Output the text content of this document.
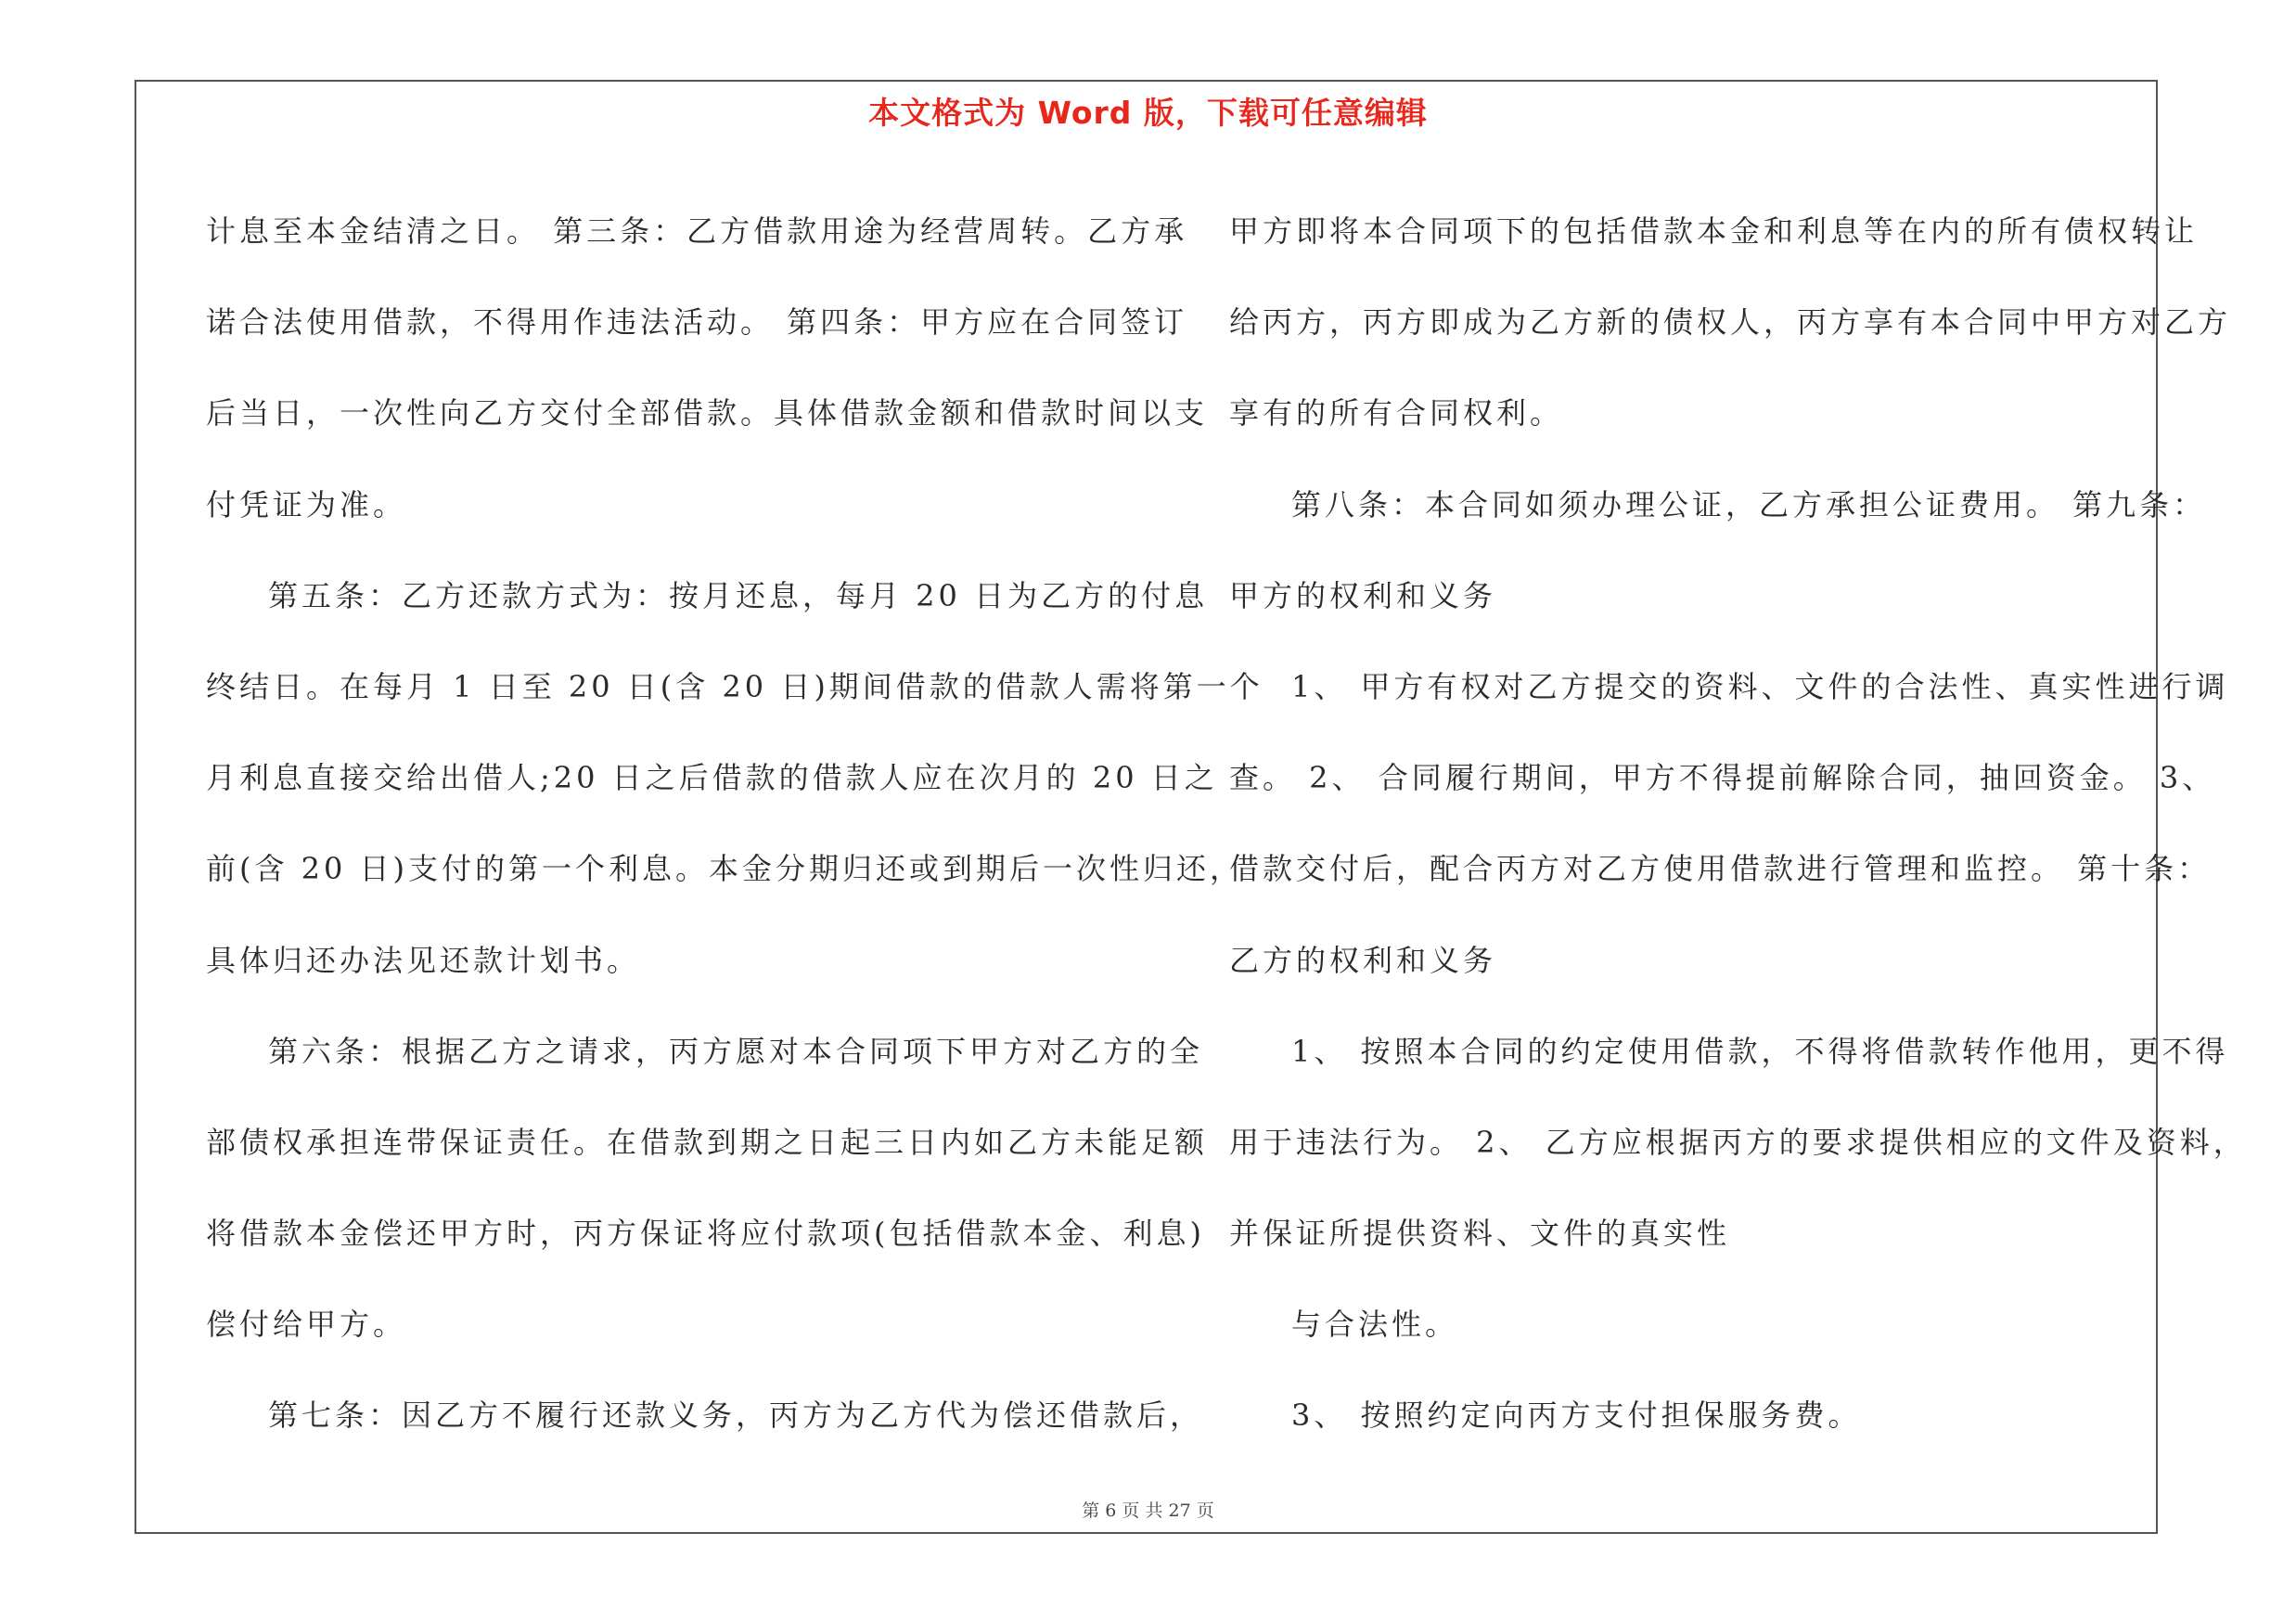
本文格式为 Word 版，下载可任意编辑
计息至本金结清之日。 第三条：乙方借款用途为经营周转。乙方承
诺合法使用借款，不得用作违法活动。 第四条：甲方应在合同签订
后当日，一次性向乙方交付全部借款。具体借款金额和借款时间以支
付凭证为准。
第五条：乙方还款方式为：按月还息，每月 20 日为乙方的付息
终结日。在每月 1 日至 20 日(含 20 日)期间借款的借款人需将第一个
月利息直接交给出借人;20 日之后借款的借款人应在次月的 20 日之
前(含 20 日)支付的第一个利息。本金分期归还或到期后一次性归还，
具体归还办法见还款计划书。
第六条：根据乙方之请求，丙方愿对本合同项下甲方对乙方的全
部债权承担连带保证责任。在借款到期之日起三日内如乙方未能足额
将借款本金偿还甲方时，丙方保证将应付款项(包括借款本金、利息)
偿付给甲方。
第七条：因乙方不履行还款义务，丙方为乙方代为偿还借款后，
甲方即将本合同项下的包括借款本金和利息等在内的所有债权转让
给丙方，丙方即成为乙方新的债权人，丙方享有本合同中甲方对乙方
享有的所有合同权利。
第八条：本合同如须办理公证，乙方承担公证费用。 第九条：
甲方的权利和义务
1、 甲方有权对乙方提交的资料、文件的合法性、真实性进行调
查。 2、 合同履行期间，甲方不得提前解除合同，抽回资金。 3、
借款交付后，配合丙方对乙方使用借款进行管理和监控。 第十条：
乙方的权利和义务
1、 按照本合同的约定使用借款，不得将借款转作他用，更不得
用于违法行为。 2、 乙方应根据丙方的要求提供相应的文件及资料，
并保证所提供资料、文件的真实性
与合法性。
3、 按照约定向丙方支付担保服务费。
第 6 页 共 27 页
